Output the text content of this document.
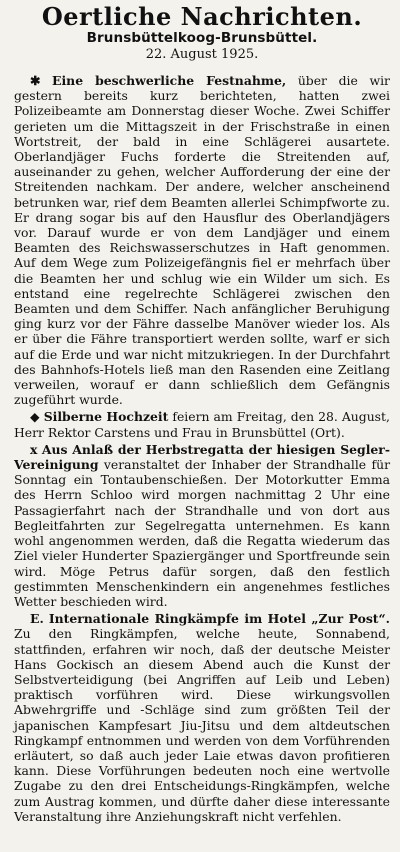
Oertliche Nachrichten.
Brunsbüttelkoog-Brunsbüttel.
22. August 1925.

✱ Eine beschwerliche Festnahme, über die wir gestern bereits kurz berichteten, hatten zwei Polizeibeamte am Donnerstag dieser Woche. Zwei Schiffer gerieten um die Mittagszeit in der Frischstraße in einen Wortstreit, der bald in eine Schlägerei ausartete. Oberlandjäger Fuchs forderte die Streitenden auf, auseinander zu gehen, welcher Aufforderung der eine der Streitenden nachkam. Der andere, welcher anscheinend betrunken war, rief dem Beamten allerlei Schimpfworte zu. Er drang sogar bis auf den Hausflur des Oberlandjägers vor. Darauf wurde er von dem Landjäger und einem Beamten des Reichswasserschutzes in Haft genommen. Auf dem Wege zum Polizeigefängnis fiel er mehrfach über die Beamten her und schlug wie ein Wilder um sich. Es entstand eine regelrechte Schlägerei zwischen den Beamten und dem Schiffer. Nach anfänglicher Beruhigung ging kurz vor der Fähre dasselbe Manöver wieder los. Als er über die Fähre transportiert werden sollte, warf er sich auf die Erde und war nicht mitzukriegen. In der Durchfahrt des Bahnhofs-Hotels ließ man den Rasenden eine Zeitlang verweilen, worauf er dann schließlich dem Gefängnis zugeführt wurde.

◆ Silberne Hochzeit feiern am Freitag, den 28. August, Herr Rektor Carstens und Frau in Brunsbüttel (Ort).

x Aus Anlaß der Herbstregatta der hiesigen Segler-Vereinigung veranstaltet der Inhaber der Strandhalle für Sonntag ein Tontaubenschießen. Der Motorkutter Emma des Herrn Schloo wird morgen nachmittag 2 Uhr eine Passagierfahrt nach der Strandhalle und von dort aus Begleitfahrten zur Segelregatta unternehmen. Es kann wohl angenommen werden, daß die Regatta wiederum das Ziel vieler Hunderter Spaziergänger und Sportfreunde sein wird. Möge Petrus dafür sorgen, daß den festlich gestimmten Menschenkindern ein angenehmes festliches Wetter beschieden wird.

E. Internationale Ringkämpfe im Hotel „Zur Post“. Zu den Ringkämpfen, welche heute, Sonnabend, stattfinden, erfahren wir noch, daß der deutsche Meister Hans Gockisch an diesem Abend auch die Kunst der Selbstverteidigung (bei Angriffen auf Leib und Leben) praktisch vorführen wird. Diese wirkungsvollen Abwehrgriffe und -Schläge sind zum größten Teil der japanischen Kampfesart Jiu-Jitsu und dem altdeutschen Ringkampf entnommen und werden von dem Vorführenden erläutert, so daß auch jeder Laie etwas davon profitieren kann. Diese Vorführungen bedeuten noch eine wertvolle Zugabe zu den drei Entscheidungs-Ringkämpfen, welche zum Austrag kommen, und dürfte daher diese interessante Veranstaltung ihre Anziehungskraft nicht verfehlen.
